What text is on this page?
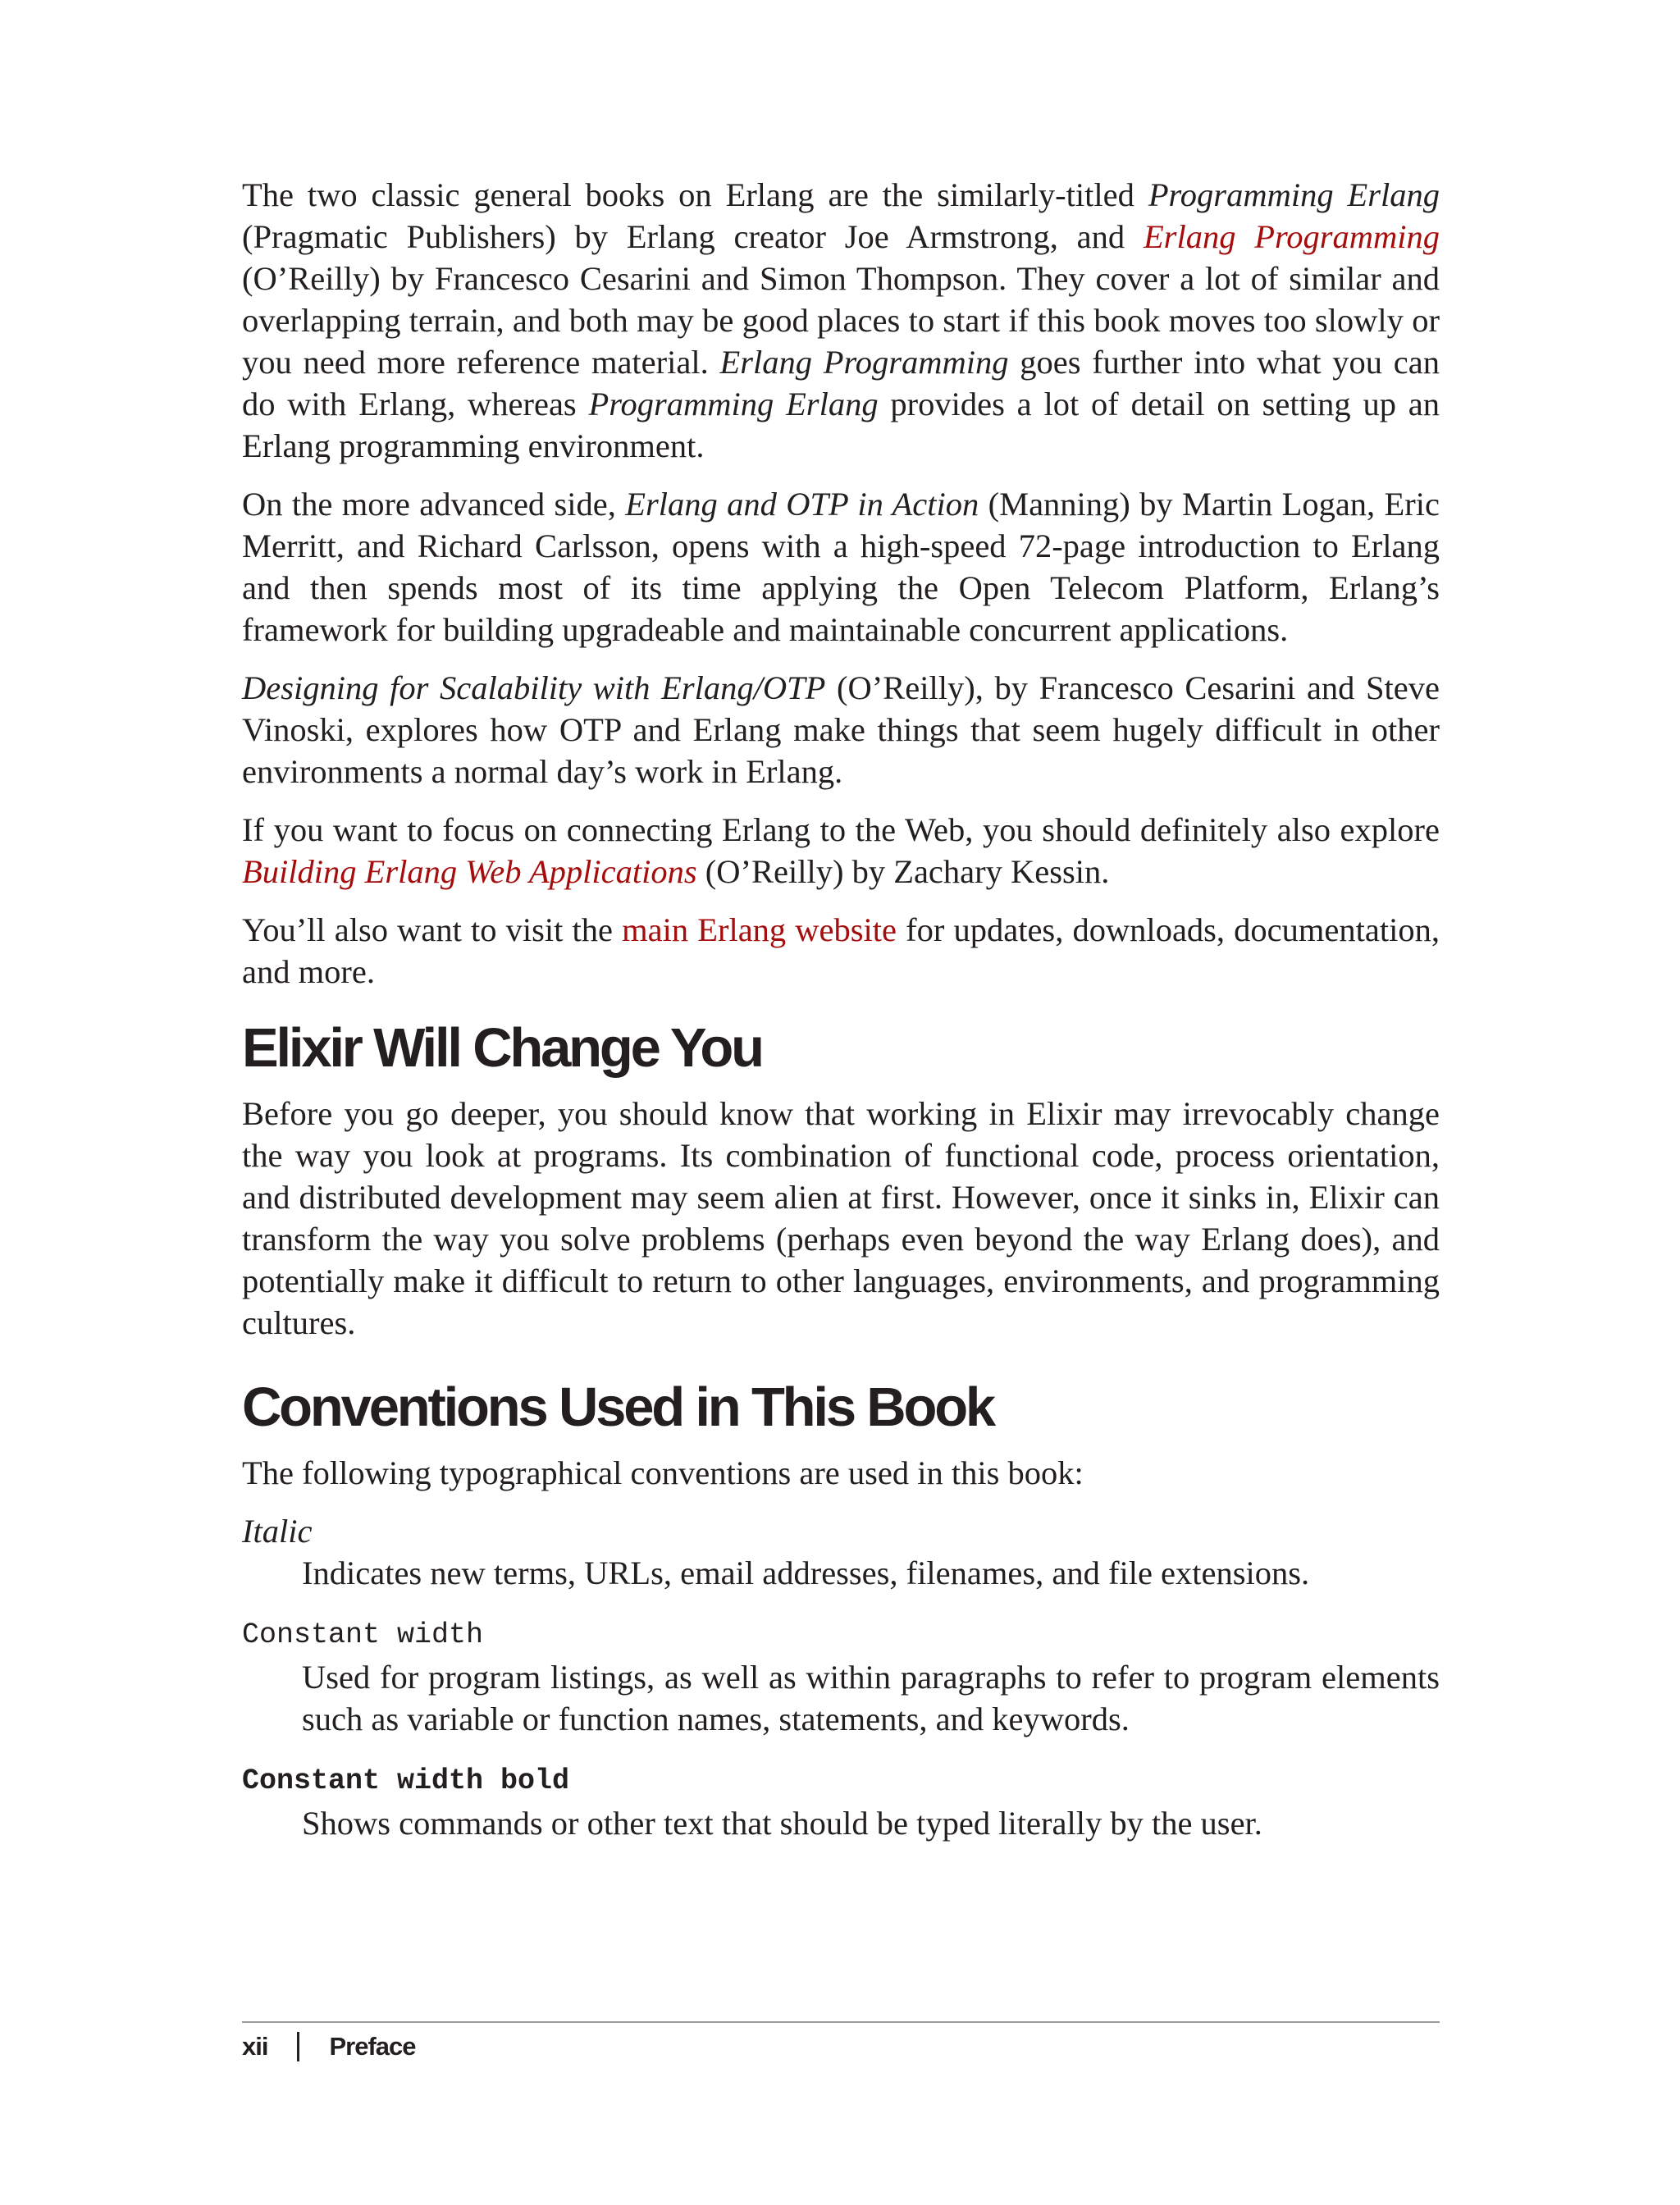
The two classic general books on Erlang are the similarly-titled Programming Erlang (Pragmatic Publishers) by Erlang creator Joe Armstrong, and Erlang Programming (O’Reilly) by Francesco Cesarini and Simon Thompson. They cover a lot of similar and overlapping terrain, and both may be good places to start if this book moves too slowly or you need more reference material. Erlang Programming goes further into what you can do with Erlang, whereas Programming Erlang provides a lot of detail on setting up an Erlang programming environment.

On the more advanced side, Erlang and OTP in Action (Manning) by Martin Logan, Eric Merritt, and Richard Carlsson, opens with a high-speed 72-page introduction to Erlang and then spends most of its time applying the Open Telecom Platform, Erlang’s framework for building upgradeable and maintainable concurrent applications.

Designing for Scalability with Erlang/OTP (O’Reilly), by Francesco Cesarini and Steve Vinoski, explores how OTP and Erlang make things that seem hugely difficult in other environments a normal day’s work in Erlang.

If you want to focus on connecting Erlang to the Web, you should definitely also explore Building Erlang Web Applications (O’Reilly) by Zachary Kessin.

You’ll also want to visit the main Erlang website for updates, downloads, documentation, and more.

Elixir Will Change You

Before you go deeper, you should know that working in Elixir may irrevocably change the way you look at programs. Its combination of functional code, process orientation, and distributed development may seem alien at first. However, once it sinks in, Elixir can transform the way you solve problems (perhaps even beyond the way Erlang does), and potentially make it difficult to return to other languages, environments, and programming cultures.

Conventions Used in This Book

The following typographical conventions are used in this book:

Italic
Indicates new terms, URLs, email addresses, filenames, and file extensions.
Constant width
Used for program listings, as well as within paragraphs to refer to program elements such as variable or function names, statements, and keywords.
Constant width bold
Shows commands or other text that should be typed literally by the user.
xii Preface
